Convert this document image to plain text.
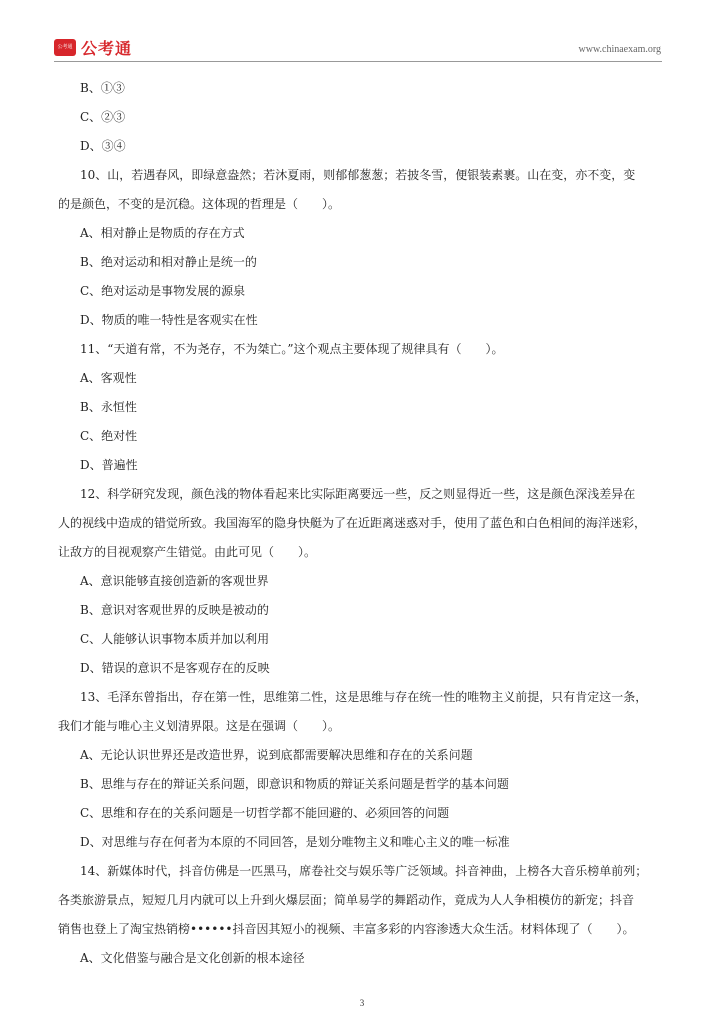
公考通 公考通	www.chinaexam.org
B、①③
C、②③
D、③④
10、山，若遇春风，即绿意盎然；若沐夏雨，则郁郁葱葱；若披冬雪，便银装素裹。山在变，亦不变，变
的是颜色，不变的是沉稳。这体现的哲理是（　　）。
A、相对静止是物质的存在方式
B、绝对运动和相对静止是统一的
C、绝对运动是事物发展的源泉
D、物质的唯一特性是客观实在性
11、“天道有常，不为尧存，不为桀亡。”这个观点主要体现了规律具有（　　）。
A、客观性
B、永恒性
C、绝对性
D、普遍性
12、科学研究发现，颜色浅的物体看起来比实际距离要远一些，反之则显得近一些，这是颜色深浅差异在
人的视线中造成的错觉所致。我国海军的隐身快艇为了在近距离迷惑对手，使用了蓝色和白色相间的海洋迷彩，
让敌方的目视观察产生错觉。由此可见（　　）。
A、意识能够直接创造新的客观世界
B、意识对客观世界的反映是被动的
C、人能够认识事物本质并加以利用
D、错误的意识不是客观存在的反映
13、毛泽东曾指出，存在第一性，思维第二性，这是思维与存在统一性的唯物主义前提，只有肯定这一条，
我们才能与唯心主义划清界限。这是在强调（　　）。
A、无论认识世界还是改造世界，说到底都需要解决思维和存在的关系问题
B、思维与存在的辩证关系问题，即意识和物质的辩证关系问题是哲学的基本问题
C、思维和存在的关系问题是一切哲学都不能回避的、必须回答的问题
D、对思维与存在何者为本原的不同回答，是划分唯物主义和唯心主义的唯一标准
14、新媒体时代，抖音仿佛是一匹黑马，席卷社交与娱乐等广泛领域。抖音神曲，上榜各大音乐榜单前列；
各类旅游景点，短短几月内就可以上升到火爆层面；简单易学的舞蹈动作，竟成为人人争相模仿的新宠；抖音
销售也登上了淘宝热销榜••••••抖音因其短小的视频、丰富多彩的内容渗透大众生活。材料体现了（　　）。
A、文化借鉴与融合是文化创新的根本途径
3
